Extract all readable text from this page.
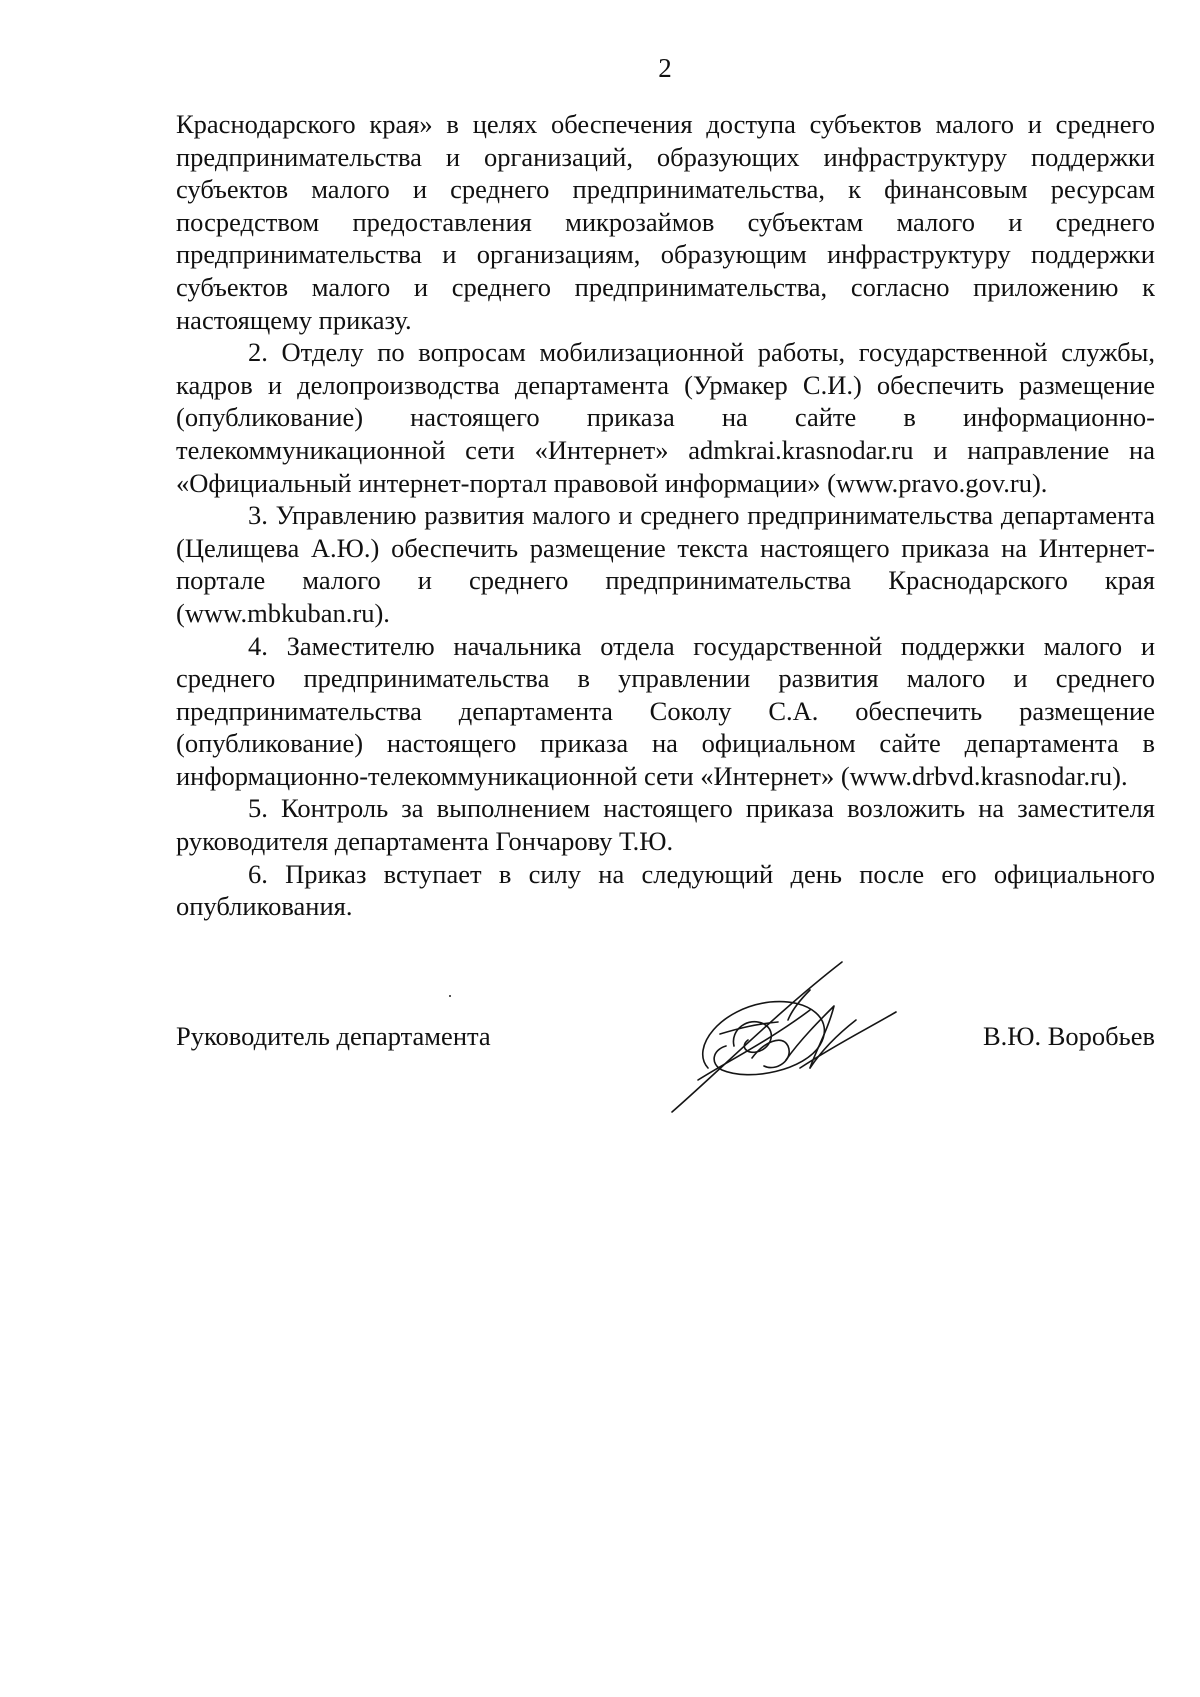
2

Краснодарского края» в целях обеспечения доступа субъектов малого и среднего предпринимательства и организаций, образующих инфраструктуру поддержки субъектов малого и среднего предпринимательства, к финансовым ресурсам посредством предоставления микрозаймов субъектам малого и среднего предпринимательства и организациям, образующим инфраструктуру поддержки субъектов малого и среднего предпринимательства, согласно приложению к настоящему приказу.

2. Отделу по вопросам мобилизационной работы, государственной службы, кадров и делопроизводства департамента (Урмакер С.И.) обеспечить размещение (опубликование) настоящего приказа на сайте в информационно-телекоммуникационной сети «Интернет» admkrai.krasnodar.ru и направление на «Официальный интернет-портал правовой информации» (www.pravo.gov.ru).

3. Управлению развития малого и среднего предпринимательства департамента (Целищева А.Ю.) обеспечить размещение текста настоящего приказа на Интернет-портале малого и среднего предпринимательства Краснодарского края (www.mbkuban.ru).

4. Заместителю начальника отдела государственной поддержки малого и среднего предпринимательства в управлении развития малого и среднего предпринимательства департамента Соколу С.А. обеспечить размещение (опубликование) настоящего приказа на официальном сайте департамента в информационно-телекоммуникационной сети «Интернет» (www.drbvd.krasnodar.ru).

5. Контроль за выполнением настоящего приказа возложить на заместителя руководителя департамента Гончарову Т.Ю.

6. Приказ вступает в силу на следующий день после его официального опубликования.

Руководитель департамента	В.Ю. Воробьев
